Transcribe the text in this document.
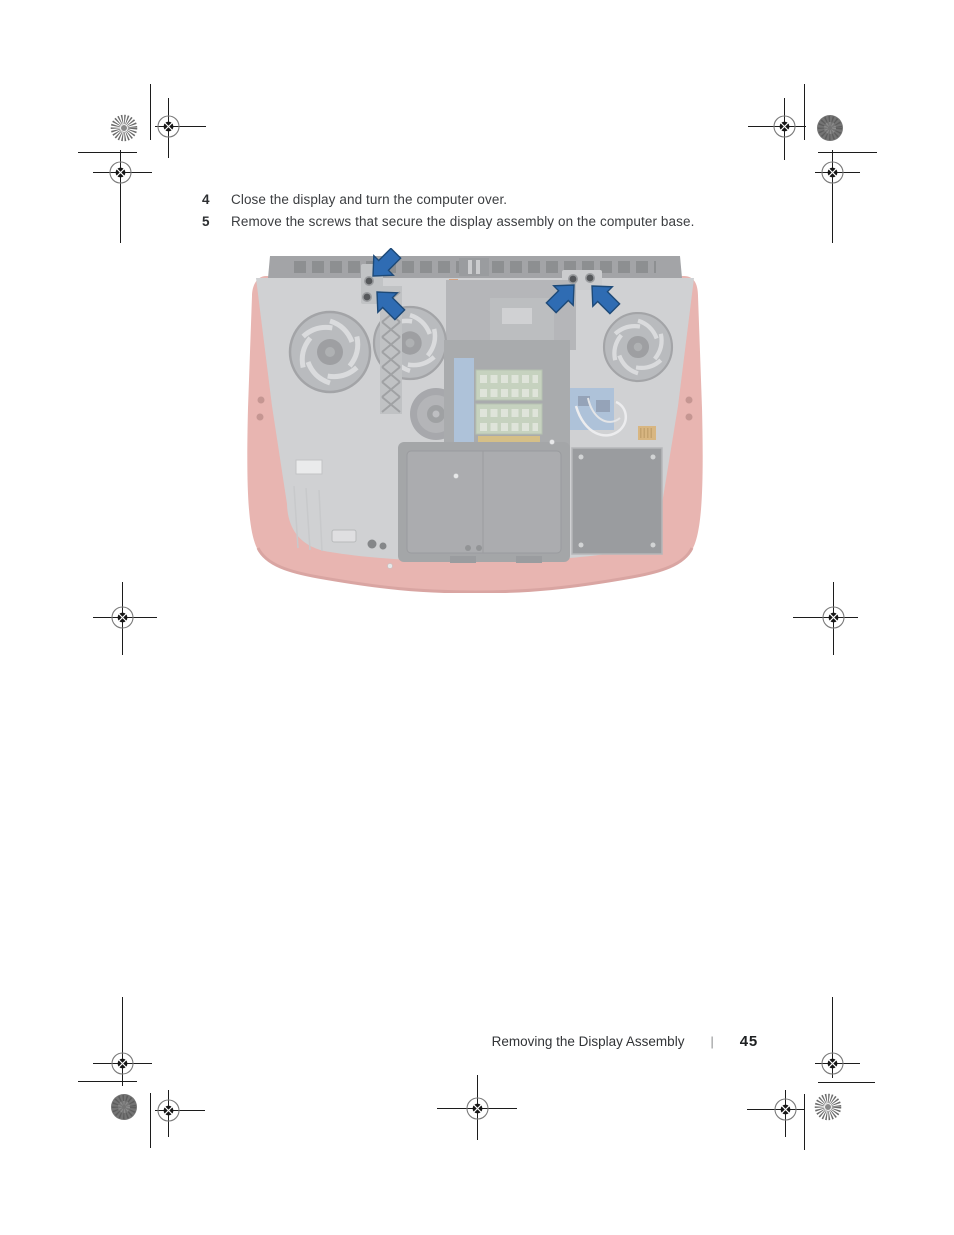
4	Close the display and turn the computer over.
5	Remove the screws that secure the display assembly on the computer base.
Removing the Display Assembly | 45
